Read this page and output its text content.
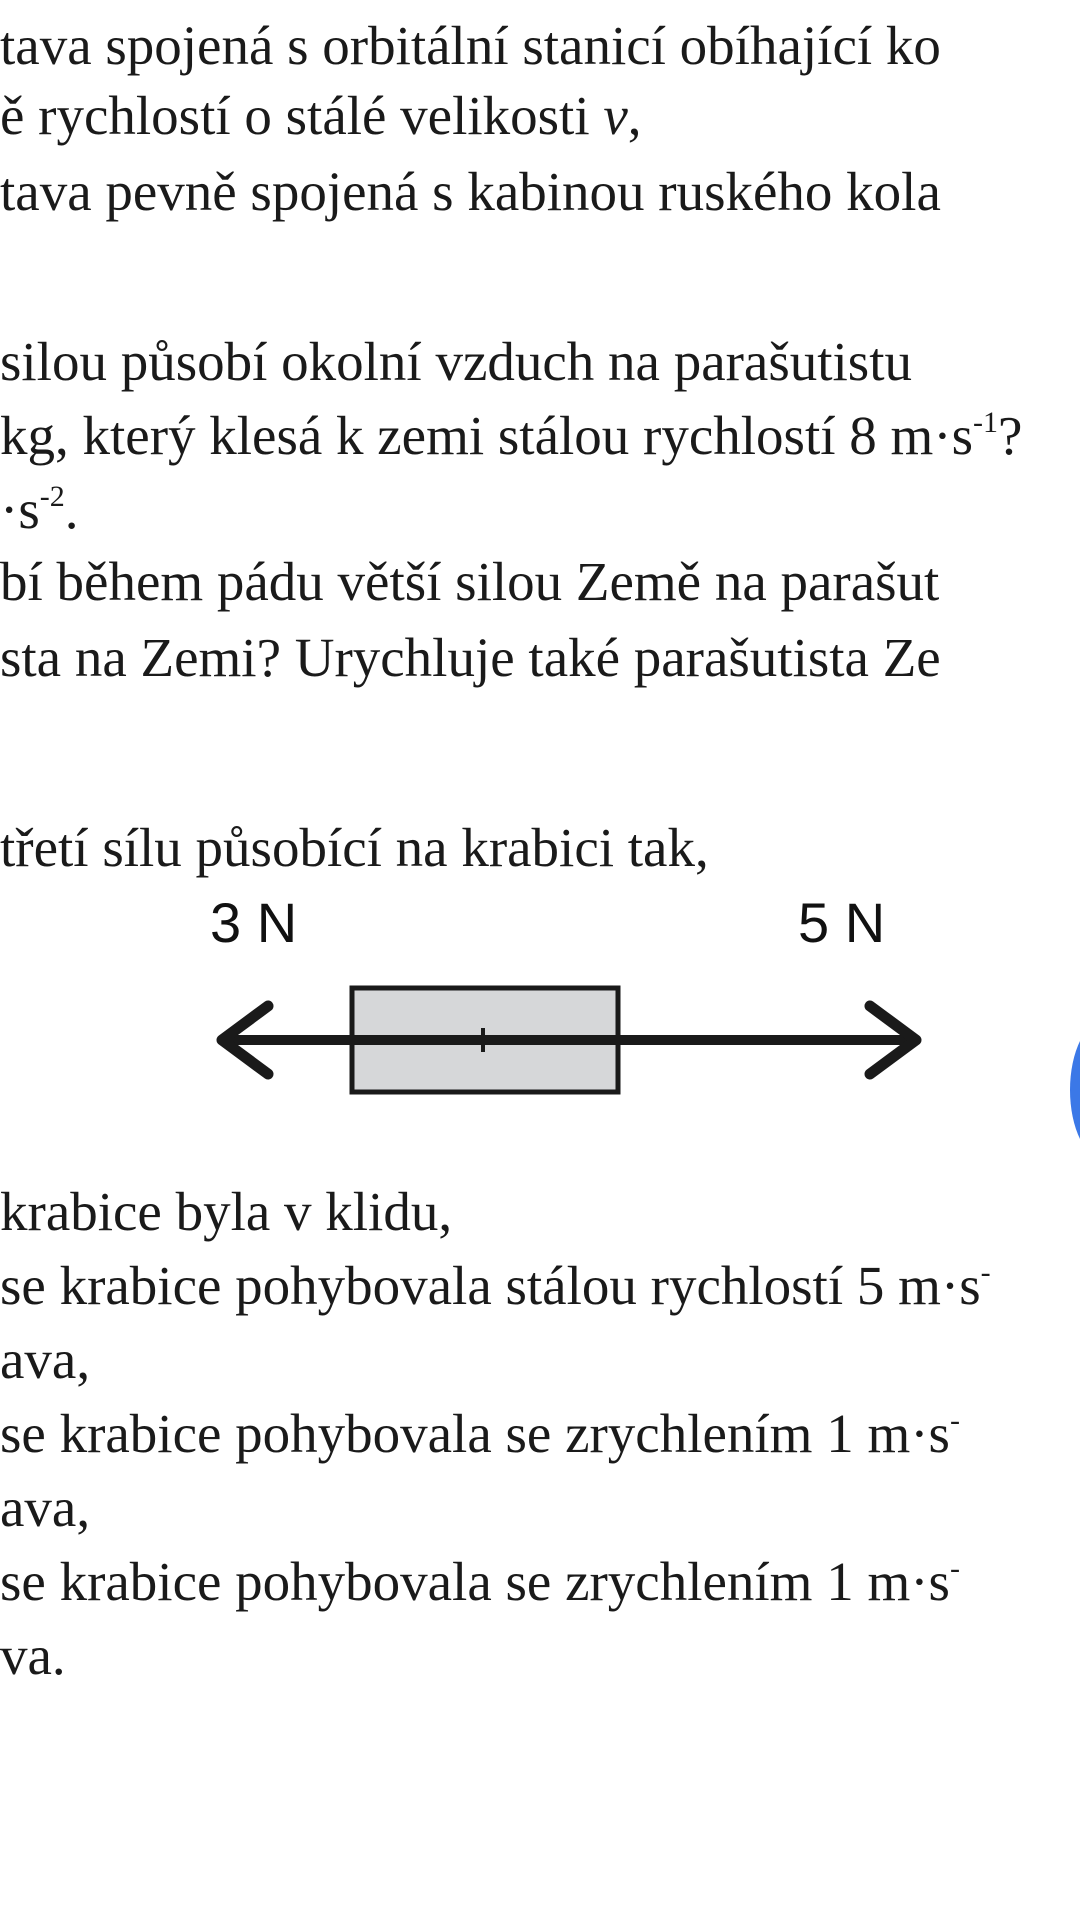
tava spojená s orbitální stanicí obíhající ko
ě rychlostí o stálé velikosti v,
tava pevně spojená s kabinou ruského kola
silou působí okolní vzduch na parašutistu
kg, který klesá k zemi stálou rychlostí 8 $m\cdot s^{-1}$?
$\cdot s^{-2}$.
bí během pádu větší silou Země na parašut
sta na Zemi? Urychluje také parašutista Ze
třetí sílu působící na krabici tak,
3 N	5 N
krabice byla v klidu,
se krabice pohybovala stálou rychlostí 5 m·s-
ava,
se krabice pohybovala se zrychlením 1 m·s-
ava,
se krabice pohybovala se zrychlením 1 m·s-
va.
